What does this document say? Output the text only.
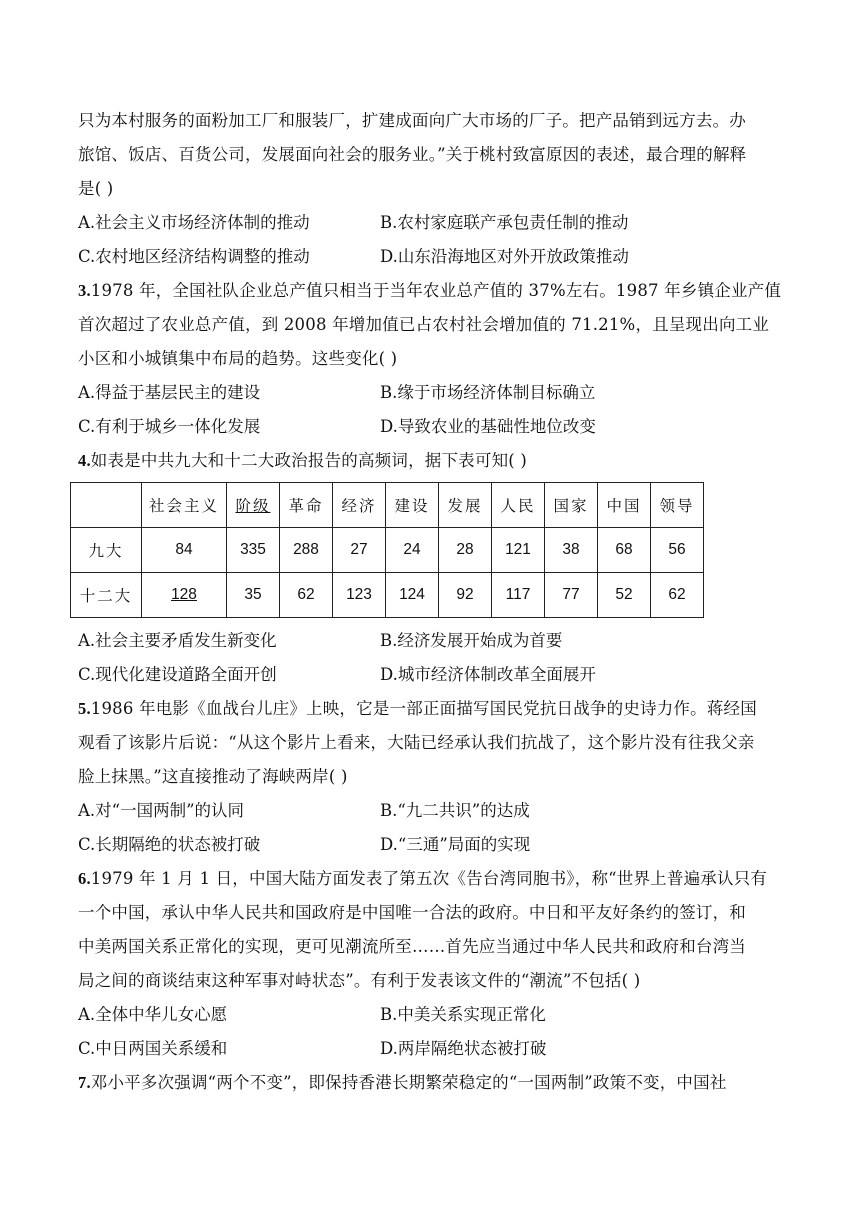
只为本村服务的面粉加工厂和服装厂，扩建成面向广大市场的厂子。把产品销到远方去。办
旅馆、饭店、百货公司，发展面向社会的服务业。”关于桃村致富原因的表述，最合理的解释
是( )
A.社会主义市场经济体制的推动	B.农村家庭联产承包责任制的推动
C.农村地区经济结构调整的推动	D.山东沿海地区对外开放政策推动
3.1978 年，全国社队企业总产值只相当于当年农业总产值的 37%左右。1987 年乡镇企业产值
首次超过了农业总产值，到 2008 年增加值已占农村社会增加值的 71.21%，且呈现出向工业
小区和小城镇集中布局的趋势。这些变化( )
A.得益于基层民主的建设	B.缘于市场经济体制目标确立
C.有利于城乡一体化发展	D.导致农业的基础性地位改变
4.如表是中共九大和十二大政治报告的高频词，据下表可知( )
	社会主义	阶级	革命	经济	建设	发展	人民	国家	中国	领导
九大	84	335	288	27	24	28	121	38	68	56
十二大	128	35	62	123	124	92	117	77	52	62
A.社会主要矛盾发生新变化	B.经济发展开始成为首要
C.现代化建设道路全面开创	D.城市经济体制改革全面展开
5.1986 年电影《血战台儿庄》上映，它是一部正面描写国民党抗日战争的史诗力作。蒋经国
观看了该影片后说：“从这个影片上看来，大陆已经承认我们抗战了，这个影片没有往我父亲
脸上抹黑。”这直接推动了海峡两岸( )
A.对“一国两制”的认同	B.“九二共识”的达成
C.长期隔绝的状态被打破	D.“三通”局面的实现
6.1979 年 1 月 1 日，中国大陆方面发表了第五次《告台湾同胞书》，称“世界上普遍承认只有
一个中国，承认中华人民共和国政府是中国唯一合法的政府。中日和平友好条约的签订，和
中美两国关系正常化的实现，更可见潮流所至……首先应当通过中华人民共和政府和台湾当
局之间的商谈结束这种军事对峙状态”。有利于发表该文件的“潮流”不包括( )
A.全体中华儿女心愿	B.中美关系实现正常化
C.中日两国关系缓和	D.两岸隔绝状态被打破
7.邓小平多次强调“两个不变”，即保持香港长期繁荣稳定的“一国两制”政策不变，中国社
